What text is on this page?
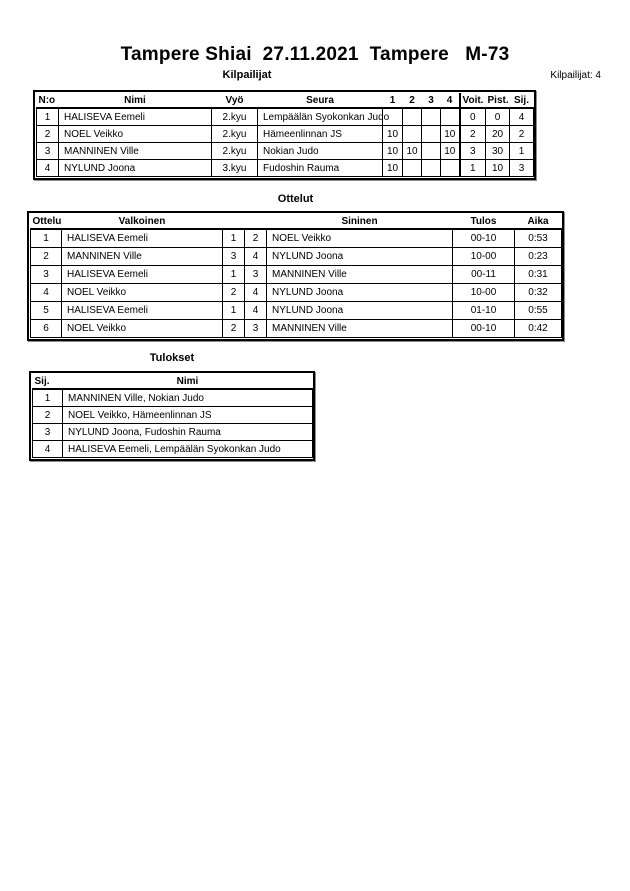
Tampere Shiai  27.11.2021  Tampere   M-73
Kilpailijat	Kilpailijat: 4
N:o	Nimi	Vyö	Seura	1	2	3	4	Voit.	Pist.	Sij.
1	HALISEVA Eemeli	2.kyu	Lempäälän Syokonkan Judo					0	0	4
2	NOEL Veikko	2.kyu	Hämeenlinnan JS	10			10	2	20	2
3	MANNINEN Ville	2.kyu	Nokian Judo	10	10		10	3	30	1
4	NYLUND Joona	3.kyu	Fudoshin Rauma	10				1	10	3
Ottelut
Ottelu	Valkoinen			Sininen	Tulos	Aika
1	HALISEVA Eemeli	1	2	NOEL Veikko	00-10	0:53
2	MANNINEN Ville	3	4	NYLUND Joona	10-00	0:23
3	HALISEVA Eemeli	1	3	MANNINEN Ville	00-11	0:31
4	NOEL Veikko	2	4	NYLUND Joona	10-00	0:32
5	HALISEVA Eemeli	1	4	NYLUND Joona	01-10	0:55
6	NOEL Veikko	2	3	MANNINEN Ville	00-10	0:42
Tulokset
Sij.	Nimi
1	MANNINEN Ville, Nokian Judo
2	NOEL Veikko, Hämeenlinnan JS
3	NYLUND Joona, Fudoshin Rauma
4	HALISEVA Eemeli, Lempäälän Syokonkan Judo
